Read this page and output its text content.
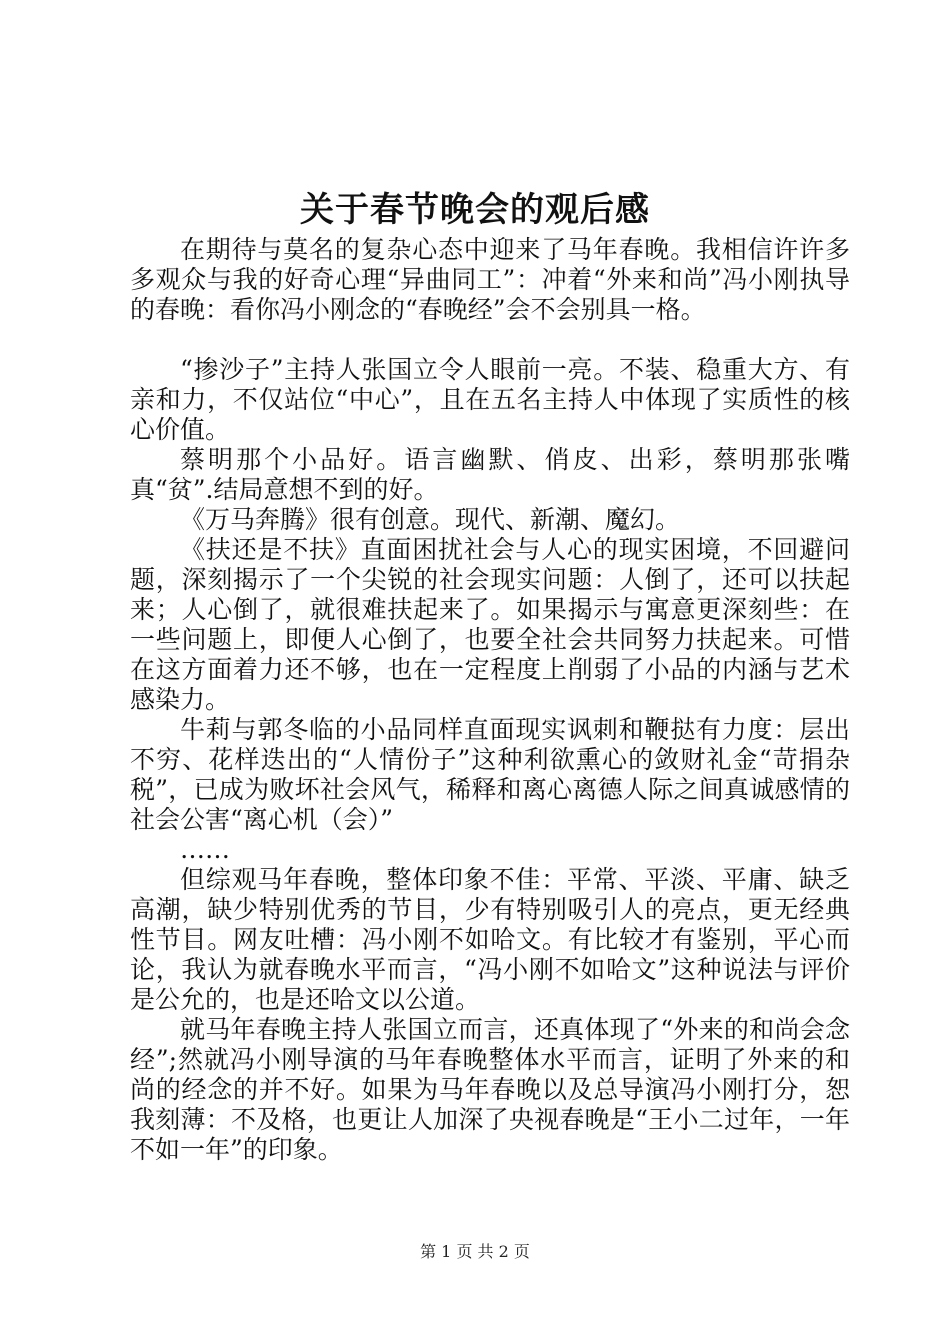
关于春节晚会的观后感

在期待与莫名的复杂心态中迎来了马年春晚。我相信许许多多观众与我的好奇心理“异曲同工”：冲着“外来和尚”冯小刚执导的春晚：看你冯小刚念的“春晚经”会不会别具一格。

“掺沙子”主持人张国立令人眼前一亮。不装、稳重大方、有亲和力，不仅站位“中心”，且在五名主持人中体现了实质性的核心价值。

蔡明那个小品好。语言幽默、俏皮、出彩，蔡明那张嘴真“贫”.结局意想不到的好。

《万马奔腾》很有创意。现代、新潮、魔幻。

《扶还是不扶》直面困扰社会与人心的现实困境，不回避问题，深刻揭示了一个尖锐的社会现实问题：人倒了，还可以扶起来；人心倒了，就很难扶起来了。如果揭示与寓意更深刻些：在一些问题上，即便人心倒了，也要全社会共同努力扶起来。可惜在这方面着力还不够，也在一定程度上削弱了小品的内涵与艺术感染力。

牛莉与郭冬临的小品同样直面现实讽刺和鞭挞有力度：层出不穷、花样迭出的“人情份子”这种利欲熏心的敛财礼金“苛捐杂税”，已成为败坏社会风气，稀释和离心离德人际之间真诚感情的社会公害“离心机（会）”

……

但综观马年春晚，整体印象不佳：平常、平淡、平庸、缺乏高潮，缺少特别优秀的节目，少有特别吸引人的亮点，更无经典性节目。网友吐槽：冯小刚不如哈文。有比较才有鉴别，平心而论，我认为就春晚水平而言，“冯小刚不如哈文”这种说法与评价是公允的，也是还哈文以公道。

就马年春晚主持人张国立而言，还真体现了“外来的和尚会念经”;然就冯小刚导演的马年春晚整体水平而言，证明了外来的和尚的经念的并不好。如果为马年春晚以及总导演冯小刚打分，恕我刻薄：不及格，也更让人加深了央视春晚是“王小二过年，一年不如一年”的印象。

第 1 页 共 2 页
